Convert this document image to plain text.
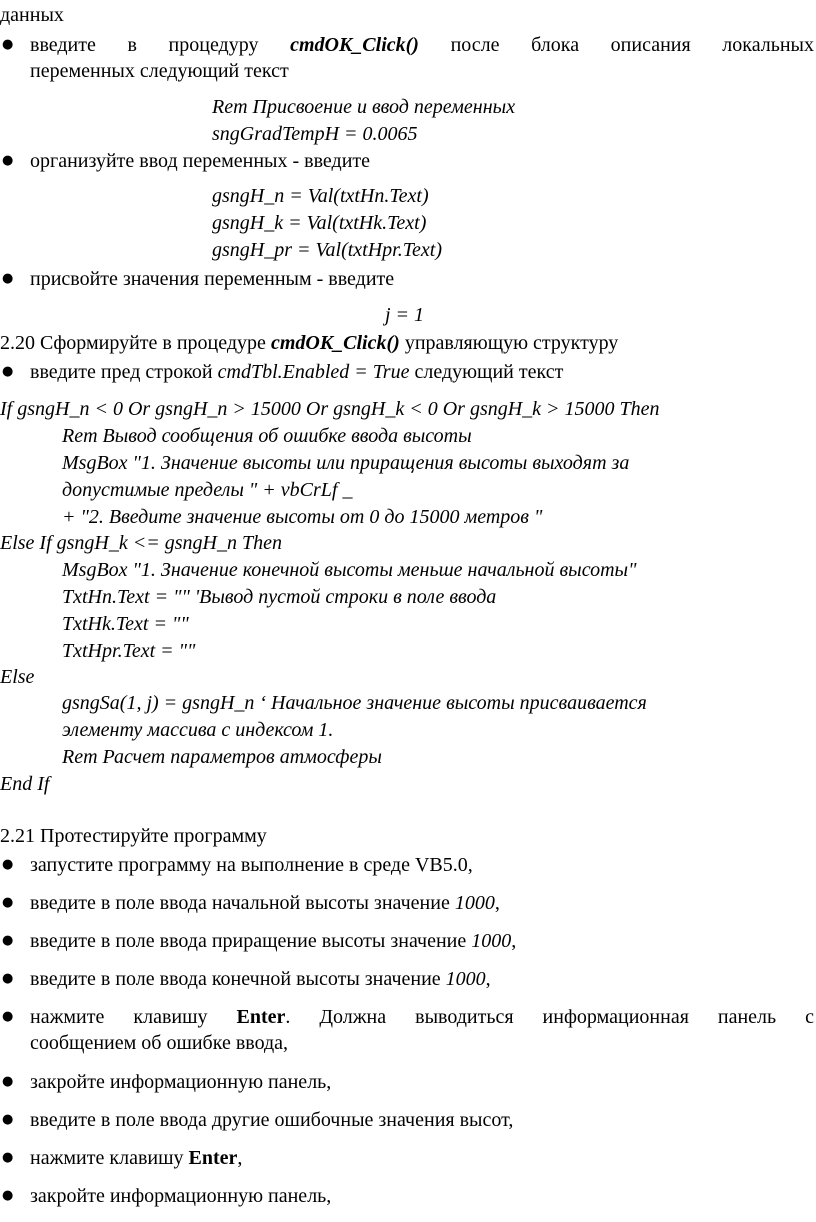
данных
● введите в процедуру cmdOK_Click() после блока описания локальных
переменных следующий текст
Rem Присвоение и ввод переменных
sngGradTempH = 0.0065
● организуйте ввод переменных - введите
gsngH_n = Val(txtHn.Text)
gsngH_k = Val(txtHk.Text)
gsngH_pr = Val(txtHpr.Text)
● присвойте значения переменным - введите
j = 1
2.20 Сформируйте в процедуре cmdOK_Click() управляющую структуру
● введите пред строкой cmdTbl.Enabled = True следующий текст
If gsngH_n < 0 Or gsngH_n > 15000 Or gsngH_k < 0 Or gsngH_k > 15000 Then
Rem Вывод сообщения об ошибке ввода высоты
MsgBox "1. Значение высоты или приращения высоты выходят за
допустимые пределы " + vbCrLf _
+ "2. Введите значение высоты от 0 до 15000 метров "
Else If gsngH_k <= gsngH_n Then
MsgBox "1. Значение конечной высоты меньше начальной высоты"
TxtHn.Text = "" 'Вывод пустой строки в поле ввода
TxtHk.Text = ""
TxtHpr.Text = ""
Else
gsngSa(1, j) = gsngH_n ‘ Начальное значение высоты присваивается
элементу массива с индексом 1.
Rem Расчет параметров атмосферы
End If
2.21 Протестируйте программу
● запустите программу на выполнение в среде VB5.0,
● введите в поле ввода начальной высоты значение 1000,
● введите в поле ввода приращение высоты значение 1000,
● введите в поле ввода конечной высоты значение 1000,
● нажмите клавишу Enter. Должна выводиться информационная панель с
сообщением об ошибке ввода,
● закройте информационную панель,
● введите в поле ввода другие ошибочные значения высот,
● нажмите клавишу Enter,
● закройте информационную панель,
